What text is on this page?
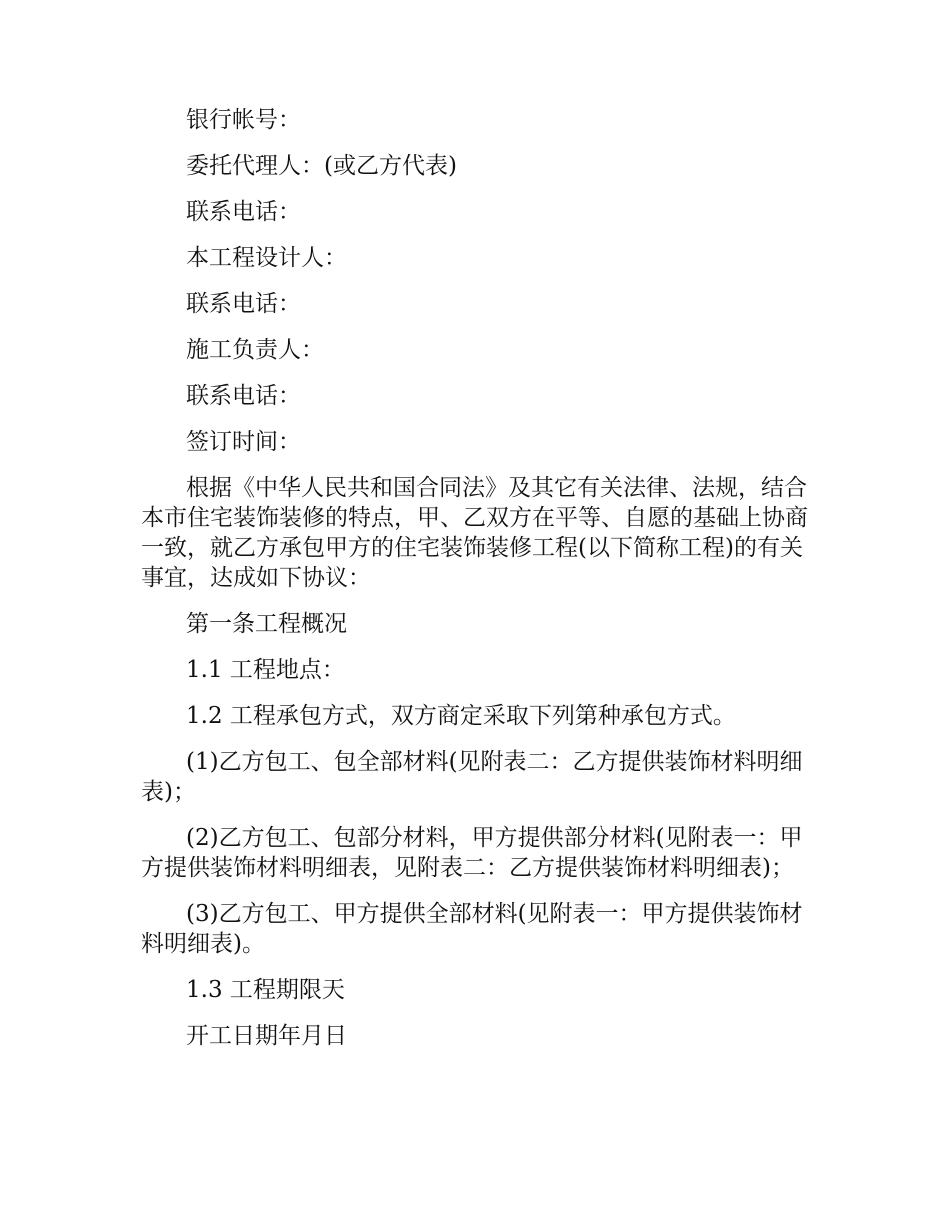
银行帐号：

委托代理人：(或乙方代表)

联系电话：

本工程设计人：

联系电话：

施工负责人：

联系电话：

签订时间：

根据《中华人民共和国合同法》及其它有关法律、法规，结合本市住宅装饰装修的特点，甲、乙双方在平等、自愿的基础上协商一致，就乙方承包甲方的住宅装饰装修工程(以下简称工程)的有关事宜，达成如下协议：

第一条工程概况

1.1 工程地点：

1.2 工程承包方式，双方商定采取下列第种承包方式。

(1)乙方包工、包全部材料(见附表二：乙方提供装饰材料明细表)；

(2)乙方包工、包部分材料，甲方提供部分材料(见附表一：甲方提供装饰材料明细表，见附表二：乙方提供装饰材料明细表)；

(3)乙方包工、甲方提供全部材料(见附表一：甲方提供装饰材料明细表)。

1.3 工程期限天

开工日期年月日
